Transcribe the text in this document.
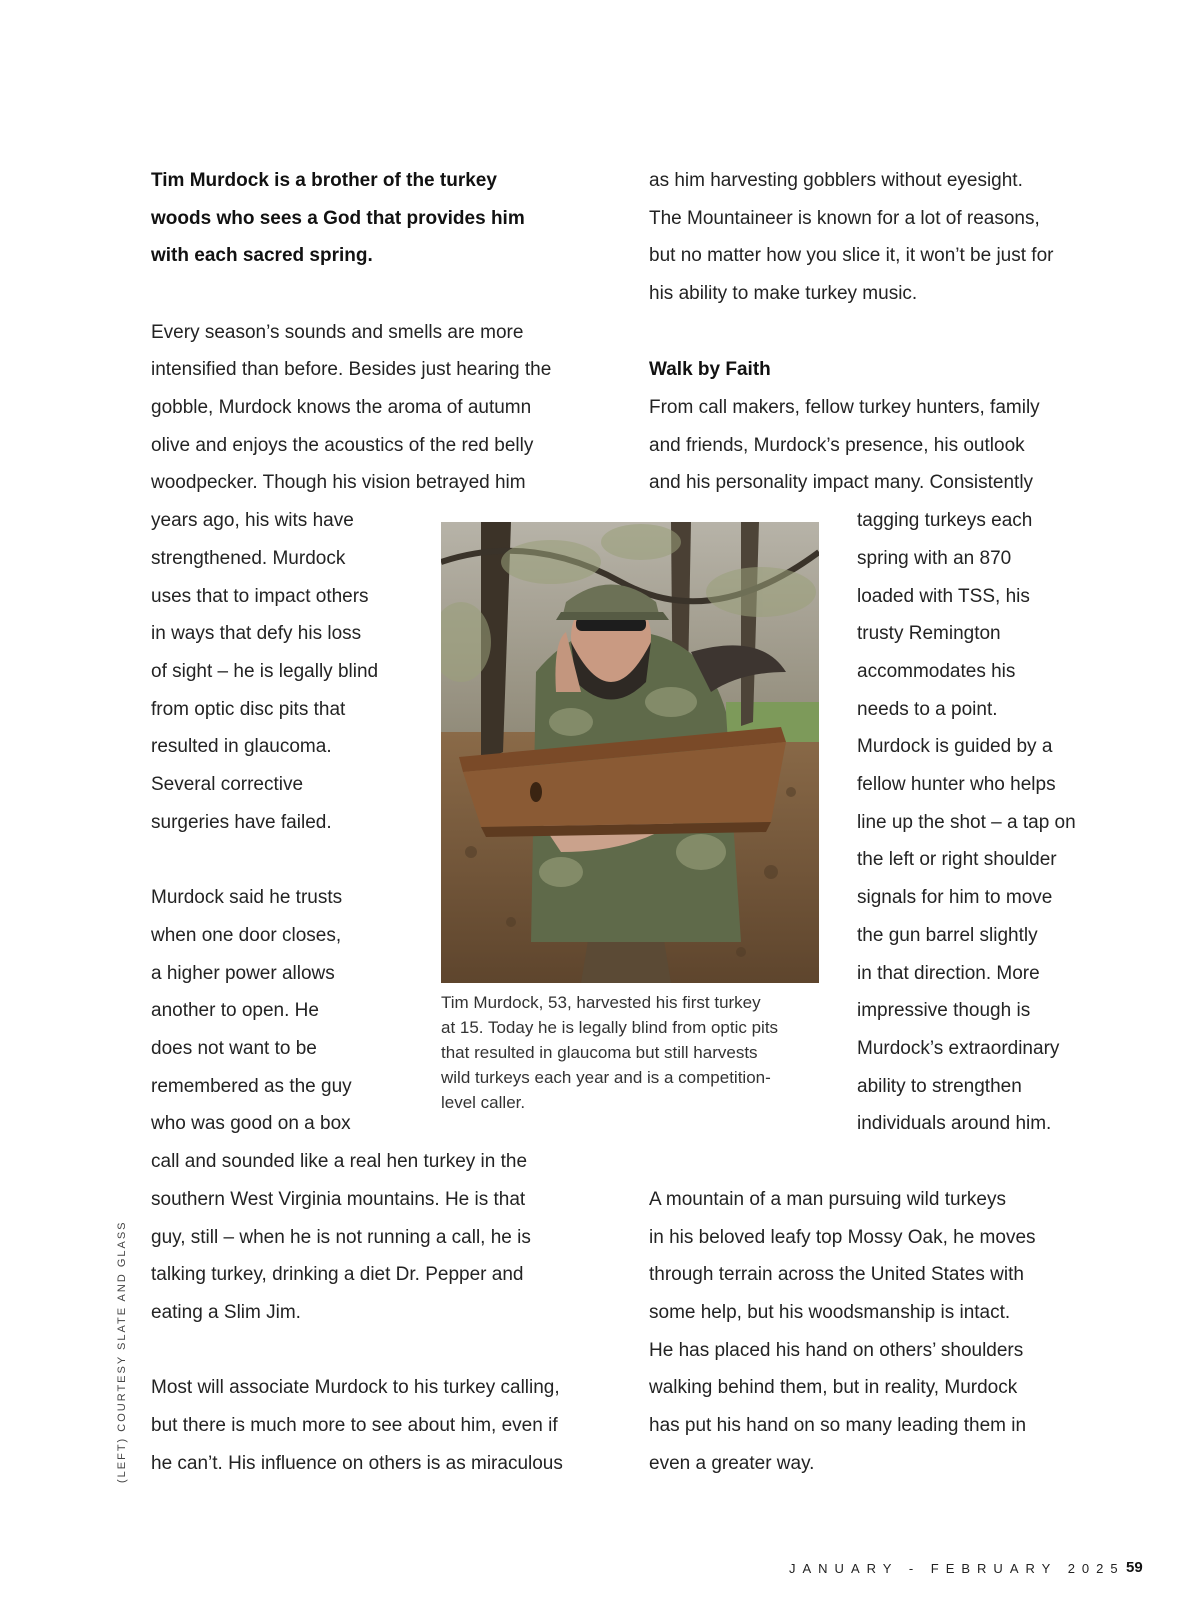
Tim Murdock is a brother of the turkey
woods who sees a God that provides him
with each sacred spring.
Every season’s sounds and smells are more
intensified than before. Besides just hearing the
gobble, Murdock knows the aroma of autumn
olive and enjoys the acoustics of the red belly
woodpecker. Though his vision betrayed him
years ago, his wits have
strengthened. Murdock
uses that to impact others
in ways that defy his loss
of sight – he is legally blind
from optic disc pits that
resulted in glaucoma.
Several corrective
surgeries have failed.
Murdock said he trusts
when one door closes,
a higher power allows
another to open. He
does not want to be
remembered as the guy
who was good on a box
call and sounded like a real hen turkey in the
southern West Virginia mountains. He is that
guy, still – when he is not running a call, he is
talking turkey, drinking a diet Dr. Pepper and
eating a Slim Jim.
Most will associate Murdock to his turkey calling,
but there is much more to see about him, even if
he can’t. His influence on others is as miraculous
as him harvesting gobblers without eyesight.
The Mountaineer is known for a lot of reasons,
but no matter how you slice it, it won’t be just for
his ability to make turkey music.
Walk by Faith
From call makers, fellow turkey hunters, family
and friends, Murdock’s presence, his outlook
and his personality impact many. Consistently
tagging turkeys each
spring with an 870
loaded with TSS, his
trusty Remington
accommodates his
needs to a point.
Murdock is guided by a
fellow hunter who helps
line up the shot – a tap on
the left or right shoulder
signals for him to move
the gun barrel slightly
in that direction. More
impressive though is
Murdock’s extraordinary
ability to strengthen
individuals around him.
A mountain of a man pursuing wild turkeys
in his beloved leafy top Mossy Oak, he moves
through terrain across the United States with
some help, but his woodsmanship is intact.
He has placed his hand on others’ shoulders
walking behind them, but in reality, Murdock
has put his hand on so many leading them in
even a greater way.
Tim Murdock, 53, harvested his first turkey
at 15. Today he is legally blind from optic pits
that resulted in glaucoma but still harvests
wild turkeys each year and is a competition-
level caller.
(LEFT) COURTESY SLATE AND GLASS
JANUARY - FEBRUARY 2025 59
